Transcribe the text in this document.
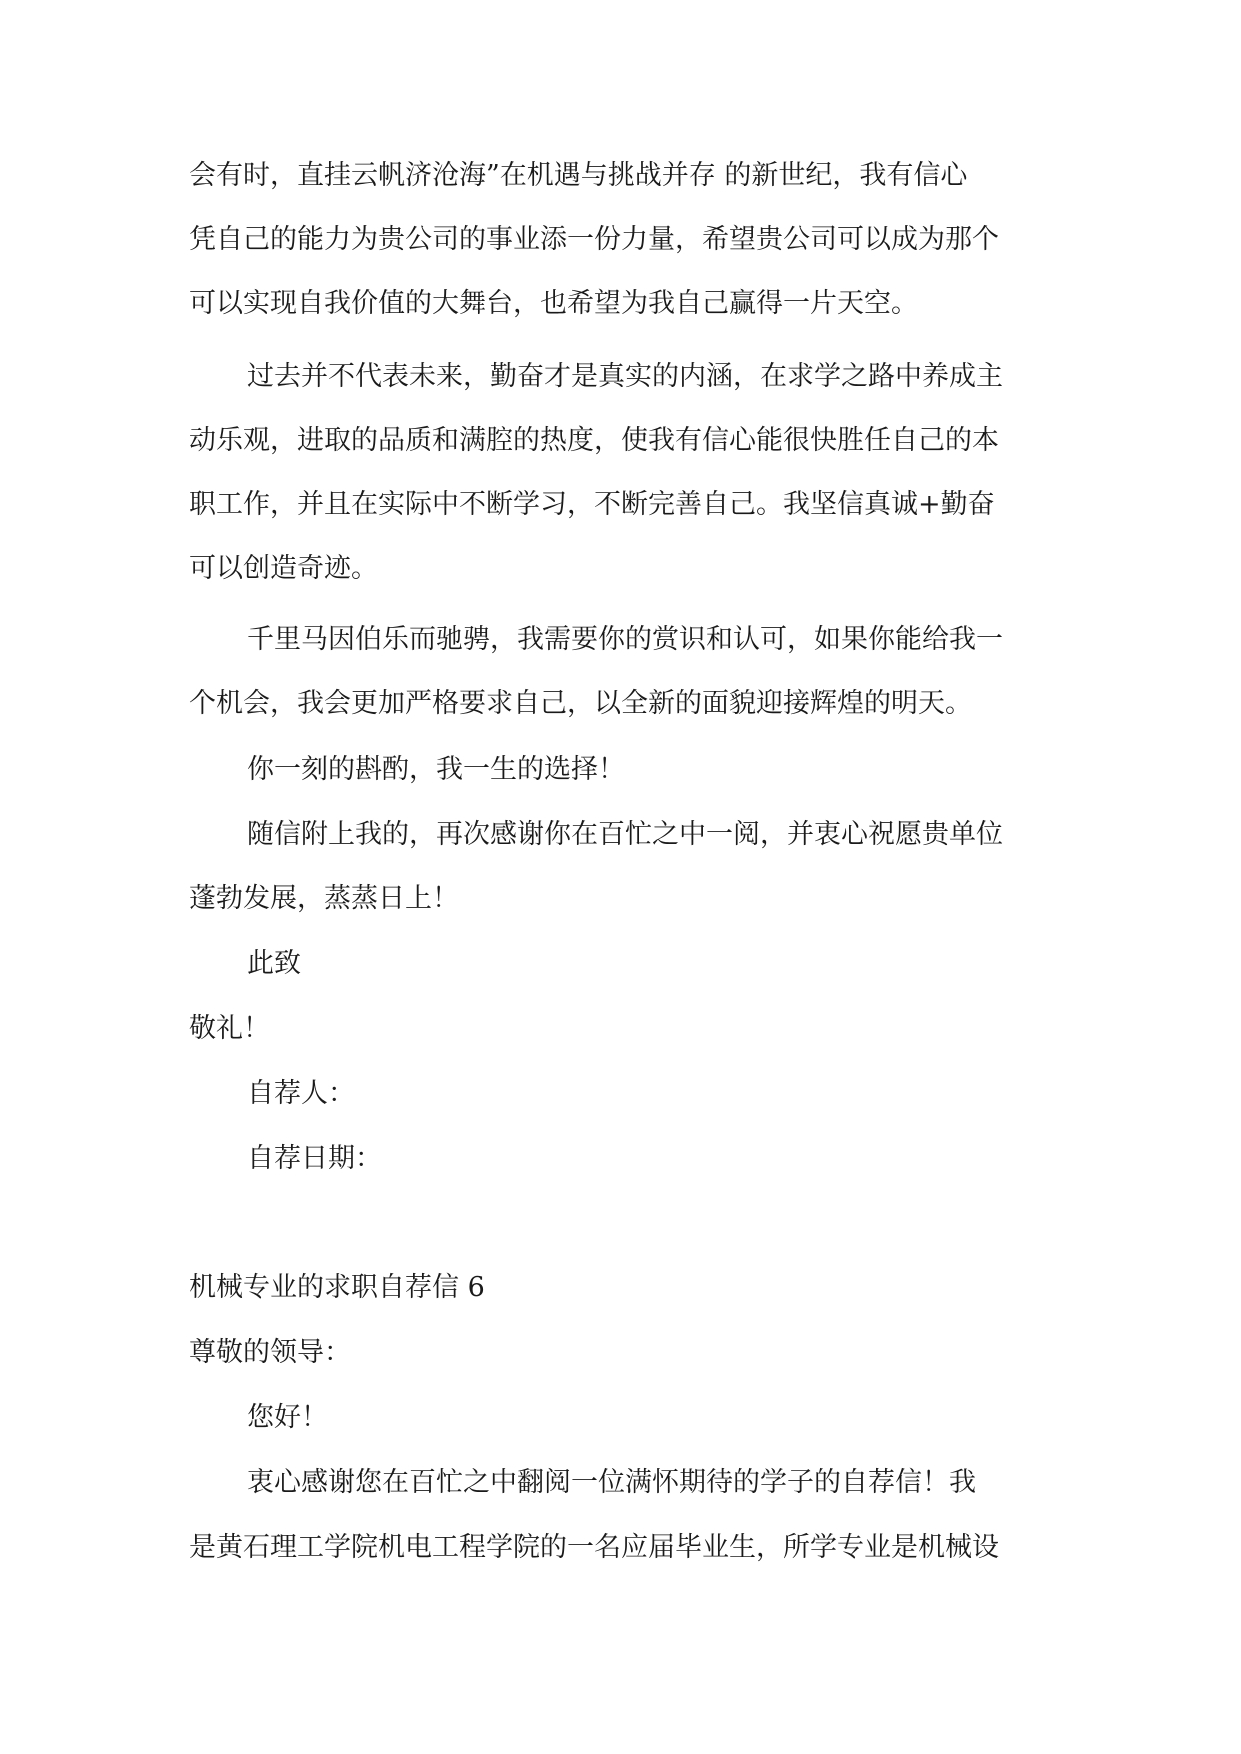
会有时，直挂云帆济沧海”在机遇与挑战并存 的新世纪，我有信心
凭自己的能力为贵公司的事业添一份力量，希望贵公司可以成为那个
可以实现自我价值的大舞台，也希望为我自己赢得一片天空。
过去并不代表未来，勤奋才是真实的内涵，在求学之路中养成主
动乐观，进取的品质和满腔的热度，使我有信心能很快胜任自己的本
职工作，并且在实际中不断学习，不断完善自己。我坚信真诚+勤奋
可以创造奇迹。
千里马因伯乐而驰骋，我需要你的赏识和认可，如果你能给我一
个机会，我会更加严格要求自己，以全新的面貌迎接辉煌的明天。
你一刻的斟酌，我一生的选择！
随信附上我的，再次感谢你在百忙之中一阅，并衷心祝愿贵单位
蓬勃发展，蒸蒸日上！
此致
敬礼！
自荐人：
自荐日期：
机械专业的求职自荐信 6
尊敬的领导：
您好！
衷心感谢您在百忙之中翻阅一位满怀期待的学子的自荐信！我
是黄石理工学院机电工程学院的一名应届毕业生，所学专业是机械设
